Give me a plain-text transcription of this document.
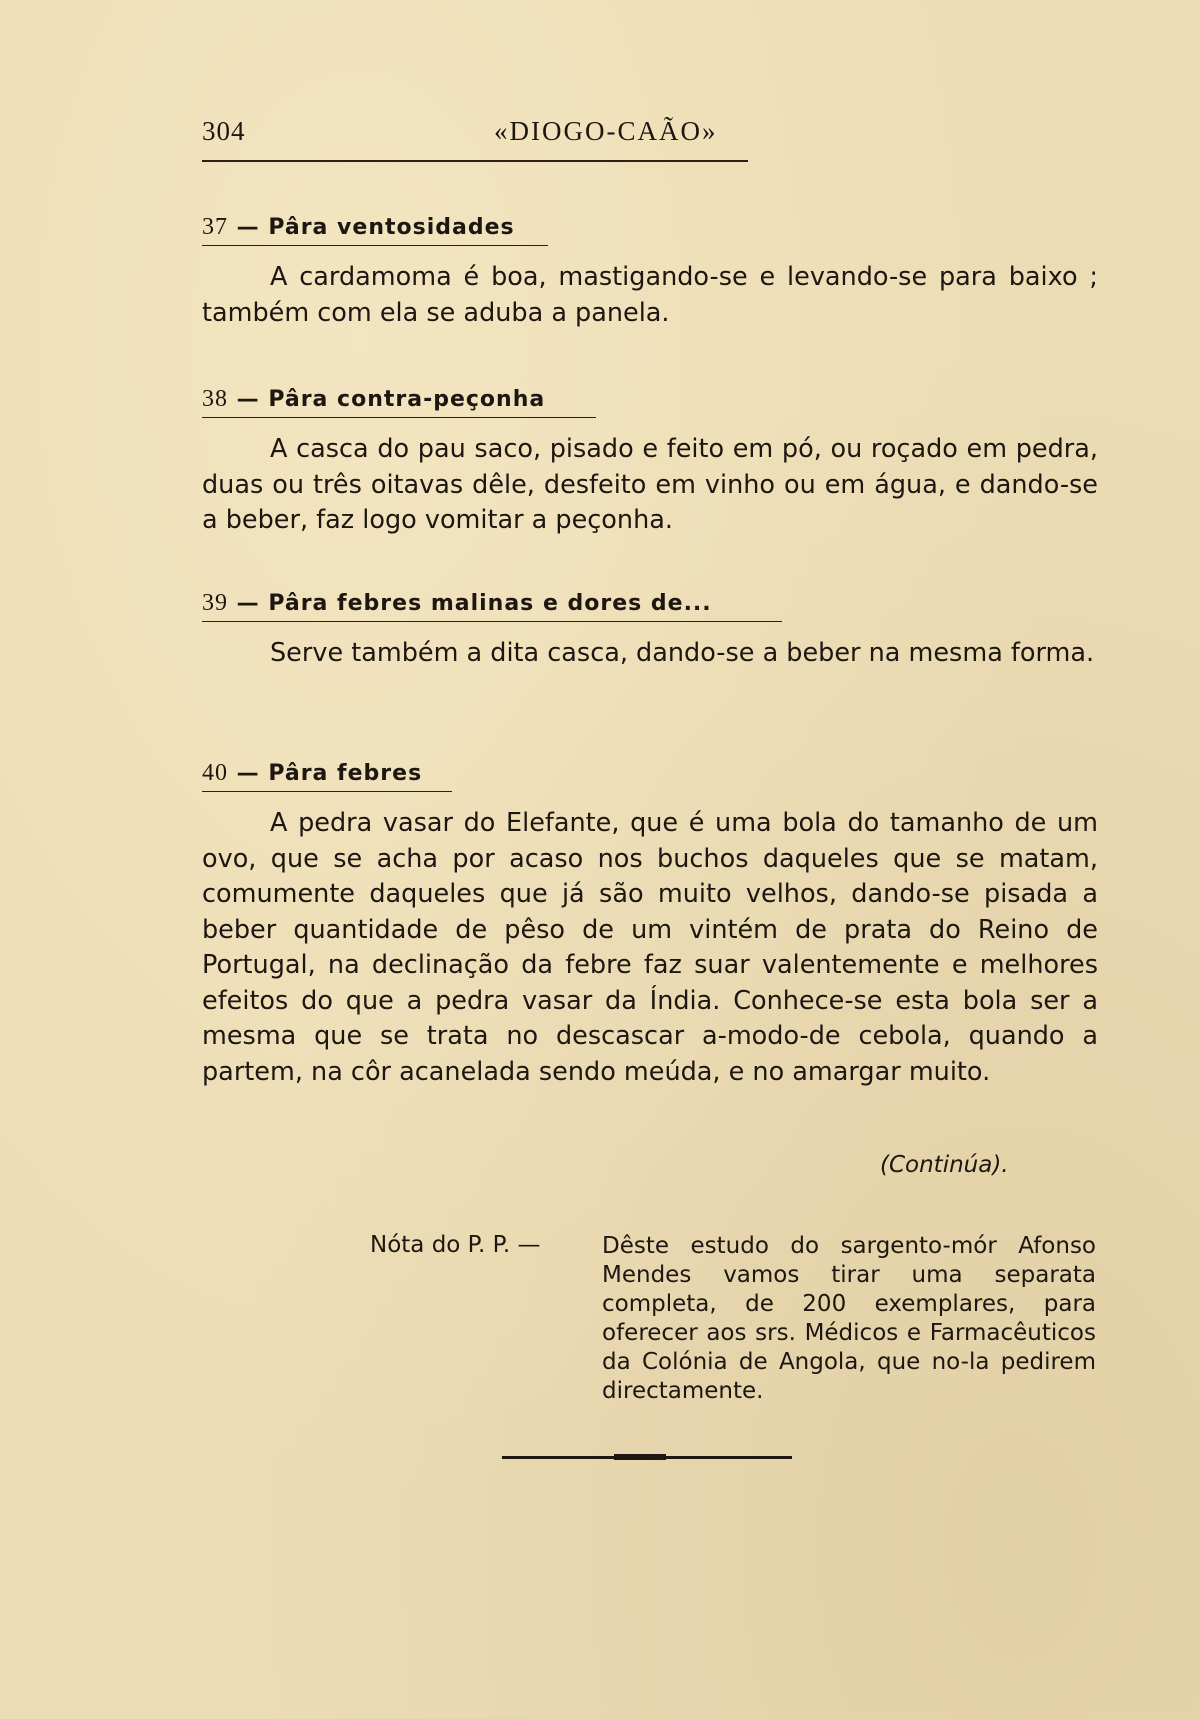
304	«DIOGO-CAÃO»
37 — Pâra ventosidades
A cardamoma é boa, mastigando-se e levando-se para baixo ; também com ela se aduba a panela.
38 — Pâra contra-peçonha
A casca do pau saco, pisado e feito em pó, ou roçado em pedra, duas ou três oitavas dêle, desfeito em vinho ou em água, e dando-se a beber, faz logo vomitar a peçonha.
39 — Pâra febres malinas e dores de...
Serve também a dita casca, dando-se a beber na mesma forma.
40 — Pâra febres
A pedra vasar do Elefante, que é uma bola do tamanho de um ovo, que se acha por acaso nos buchos daqueles que se matam, comumente daqueles que já são muito velhos, dando-se pisada a beber quantidade de pêso de um vintém de prata do Reino de Portugal, na declinação da febre faz suar valentemente e melhores efeitos do que a pedra vasar da Índia. Conhece-se esta bola ser a mesma que se trata no descascar a-modo-de cebola, quando a partem, na côr acanelada sendo meúda, e no amargar muito.
(Continúa).
Nóta do P. P. —	Dêste estudo do sargento-mór Afonso Mendes vamos tirar uma separata completa, de 200 exemplares, para oferecer aos srs. Médicos e Farmacêuticos da Colónia de Angola, que no-la pedirem directamente.
